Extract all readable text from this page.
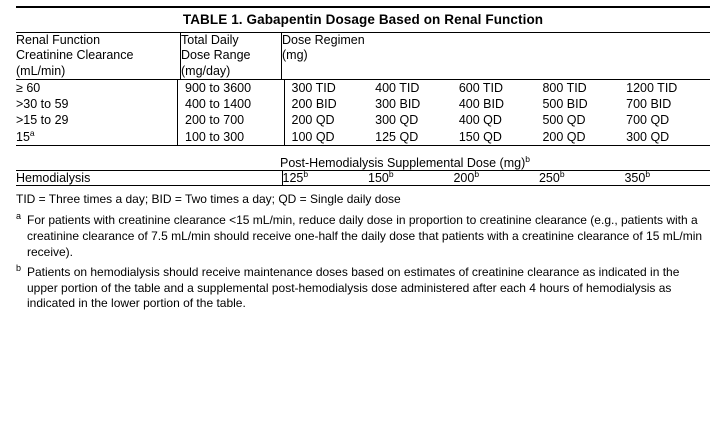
TABLE 1. Gabapentin Dosage Based on Renal Function
Renal Function
Creatinine Clearance
(mL/min)

Total Daily
Dose Range
(mg/day)

Dose Regimen
(mg)
≥ 60	900 to 3600	300 TID	400 TID	600 TID	800 TID	1200 TID
>30 to 59	400 to 1400	200 BID	300 BID	400 BID	500 BID	700 BID
>15 to 29	200 to 700	200 QD	300 QD	400 QD	500 QD	700 QD
15$^a$	100 to 300	100 QD	125 QD	150 QD	200 QD	300 QD
		Post-Hemodialysis Supplemental Dose (mg)$^b$
Hemodialysis		125$^b$	150$^b$	200$^b$	250$^b$	350$^b$
TID = Three times a day; BID = Two times a day; QD = Single daily dose
$^a$ For patients with creatinine clearance <15 mL/min, reduce daily dose in proportion to creatinine clearance (e.g., patients with a creatinine clearance of 7.5 mL/min should receive one-half the daily dose that patients with a creatinine clearance of 15 mL/min receive).
$^b$ Patients on hemodialysis should receive maintenance doses based on estimates of creatinine clearance as indicated in the upper portion of the table and a supplemental post-hemodialysis dose administered after each 4 hours of hemodialysis as indicated in the lower portion of the table.
